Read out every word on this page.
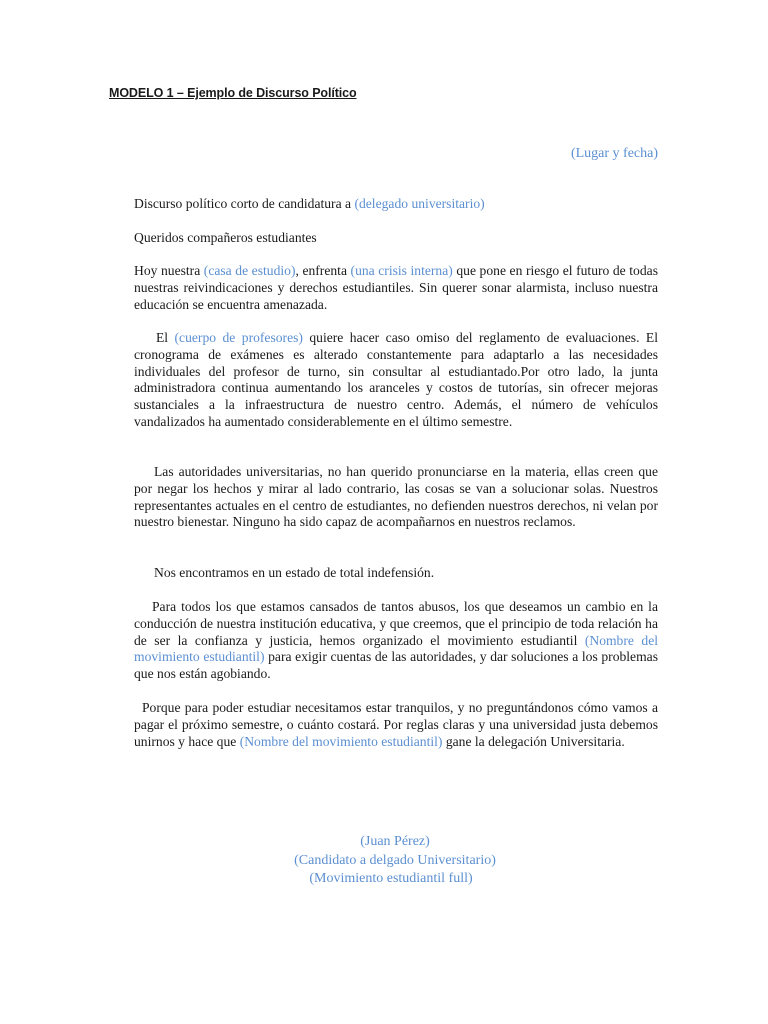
MODELO 1 – Ejemplo de Discurso Político
(Lugar y fecha)

Discurso político corto de candidatura a (delegado universitario)

Queridos compañeros estudiantes

Hoy nuestra (casa de estudio), enfrenta (una crisis interna) que pone en riesgo el futuro de todas nuestras reivindicaciones y derechos estudiantiles. Sin querer sonar alarmista, incluso nuestra educación se encuentra amenazada.

El (cuerpo de profesores) quiere hacer caso omiso del reglamento de evaluaciones. El cronograma de exámenes es alterado constantemente para adaptarlo a las necesidades individuales del profesor de turno, sin consultar al estudiantado.Por otro lado, la junta administradora continua aumentando los aranceles y costos de tutorías, sin ofrecer mejoras sustanciales a la infraestructura de nuestro centro. Además, el número de vehículos vandalizados ha aumentado considerablemente en el último semestre.

Las autoridades universitarias, no han querido pronunciarse en la materia, ellas creen que por negar los hechos y mirar al lado contrario, las cosas se van a solucionar solas. Nuestros representantes actuales en el centro de estudiantes, no defienden nuestros derechos, ni velan por nuestro bienestar. Ninguno ha sido capaz de acompañarnos en nuestros reclamos.

Nos encontramos en un estado de total indefensión.

Para todos los que estamos cansados de tantos abusos, los que deseamos un cambio en la conducción de nuestra institución educativa, y que creemos, que el principio de toda relación ha de ser la confianza y justicia, hemos organizado el movimiento estudiantil (Nombre del movimiento estudiantil) para exigir cuentas de las autoridades, y dar soluciones a los problemas que nos están agobiando.

Porque para poder estudiar necesitamos estar tranquilos, y no preguntándonos cómo vamos a pagar el próximo semestre, o cuánto costará. Por reglas claras y una universidad justa debemos unirnos y hace que (Nombre del movimiento estudiantil) gane la delegación Universitaria.

(Juan Pérez)
(Candidato a delgado Universitario)
(Movimiento estudiantil full)
